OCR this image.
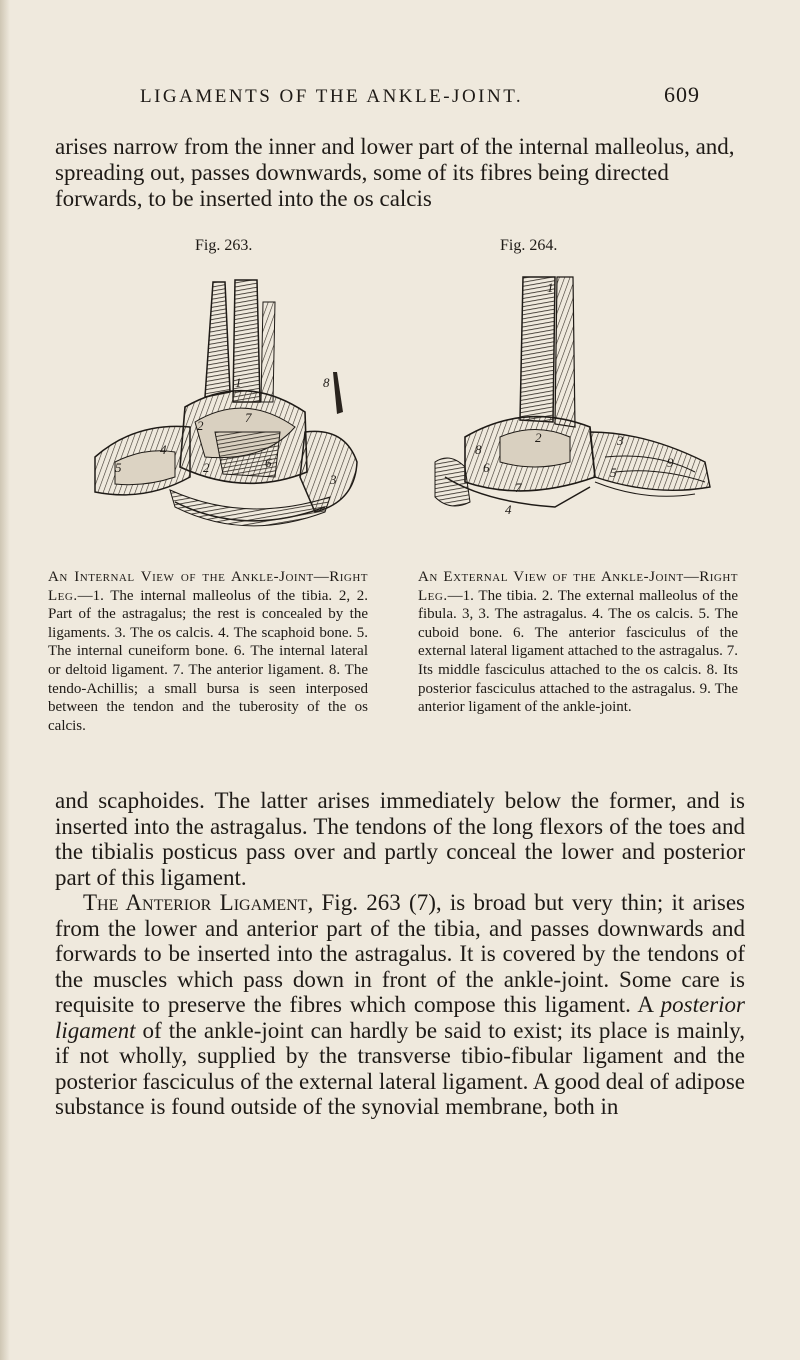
LIGAMENTS OF THE ANKLE-JOINT.	609

arises narrow from the inner and lower part of the internal malleolus, and, spreading out, passes downwards, some of its fibres being directed forwards, to be inserted into the os calcis

Fig. 263.	Fig. 264.
7
8
2
2
5
4
6
3
1
1
2
8
3
6	5
7
4
9

An Internal View of the Ankle-Joint—Right Leg.—1. The internal malleolus of the tibia. 2, 2. Part of the astragalus; the rest is concealed by the ligaments. 3. The os calcis. 4. The scaphoid bone. 5. The internal cuneiform bone. 6. The internal lateral or deltoid ligament. 7. The anterior ligament. 8. The tendo-Achillis; a small bursa is seen interposed between the tendon and the tuberosity of the os calcis.

An External View of the Ankle-Joint—Right Leg.—1. The tibia. 2. The external malleolus of the fibula. 3, 3. The astragalus. 4. The os calcis. 5. The cuboid bone. 6. The anterior fasciculus of the external lateral ligament attached to the astragalus. 7. Its middle fasciculus attached to the os calcis. 8. Its posterior fasciculus attached to the astragalus. 9. The anterior ligament of the ankle-joint.

and scaphoides. The latter arises immediately below the former, and is inserted into the astragalus. The tendons of the long flexors of the toes and the tibialis posticus pass over and partly conceal the lower and posterior part of this ligament.

The Anterior Ligament, Fig. 263 (7), is broad but very thin; it arises from the lower and anterior part of the tibia, and passes downwards and forwards to be inserted into the astragalus. It is covered by the tendons of the muscles which pass down in front of the ankle-joint. Some care is requisite to preserve the fibres which compose this ligament. A posterior ligament of the ankle-joint can hardly be said to exist; its place is mainly, if not wholly, supplied by the transverse tibio-fibular ligament and the posterior fasciculus of the external lateral ligament. A good deal of adipose substance is found outside of the synovial membrane, both in
